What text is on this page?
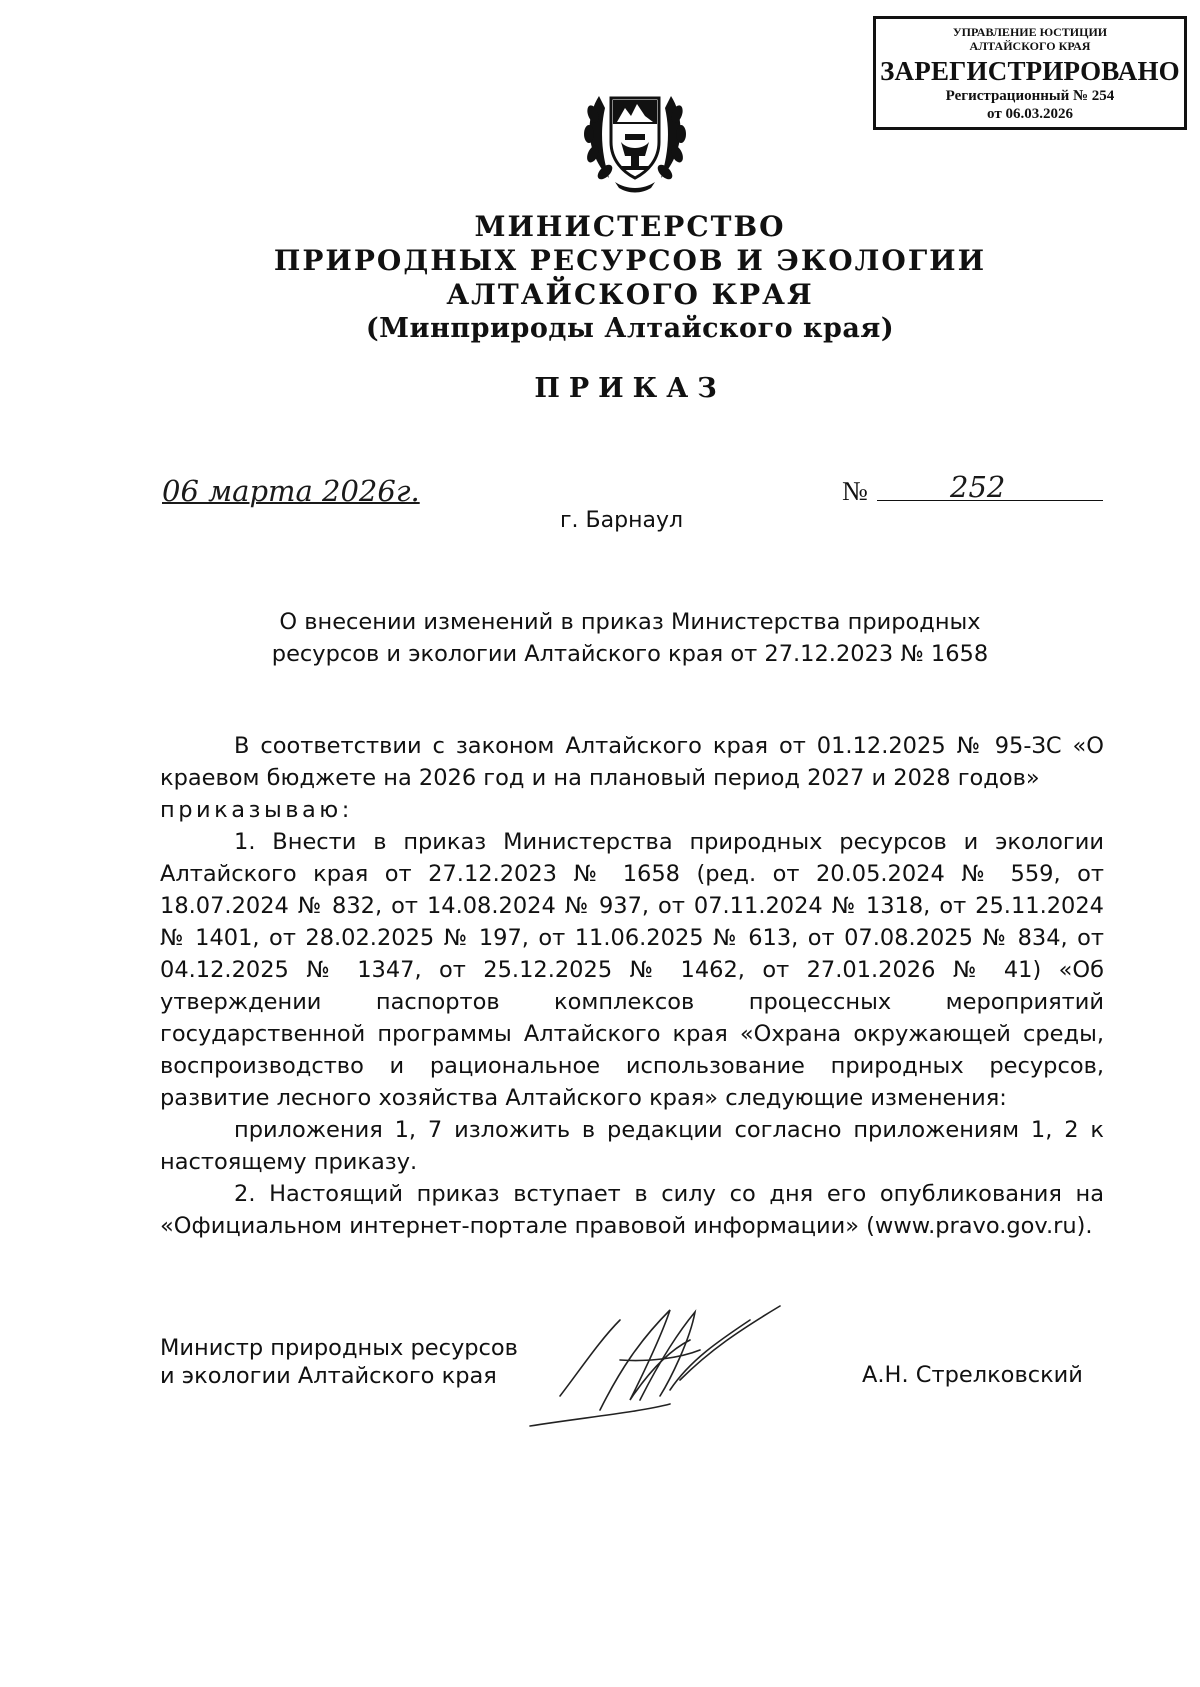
УПРАВЛЕНИЕ ЮСТИЦИИ
АЛТАЙСКОГО КРАЯ
ЗАРЕГИСТРИРОВАНО
Регистрационный № 254
от 06.03.2026
МИНИСТЕРСТВО
ПРИРОДНЫХ РЕСУРСОВ И ЭКОЛОГИИ
АЛТАЙСКОГО КРАЯ
(Минприроды Алтайского края)
ПРИКАЗ
06 марта 2026г.	№	252
г. Барнаул
О внесении изменений в приказ Министерства природных
ресурсов и экологии Алтайского края от 27.12.2023 № 1658

В соответствии с законом Алтайского края от 01.12.2025 № 95-ЗС «О краевом бюджете на 2026 год и на плановый период 2027 и 2028 годов»

приказываю:

1. Внести в приказ Министерства природных ресурсов и экологии Алтайского края от 27.12.2023 № 1658 (ред. от 20.05.2024 № 559, от 18.07.2024 № 832, от 14.08.2024 № 937, от 07.11.2024 № 1318, от 25.11.2024 № 1401, от 28.02.2025 № 197, от 11.06.2025 № 613, от 07.08.2025 № 834, от 04.12.2025 № 1347, от 25.12.2025 № 1462, от 27.01.2026 № 41) «Об утверждении паспортов комплексов процессных мероприятий государственной программы Алтайского края «Охрана окружающей среды, воспроизводство и рациональное использование природных ресурсов, развитие лесного хозяйства Алтайского края» следующие изменения:

приложения 1, 7 изложить в редакции согласно приложениям 1, 2 к настоящему приказу.

2. Настоящий приказ вступает в силу со дня его опубликования на «Официальном интернет-портале правовой информации» (www.pravo.gov.ru).

Министр природных ресурсов
и экологии Алтайского края	А.Н. Стрелковский
